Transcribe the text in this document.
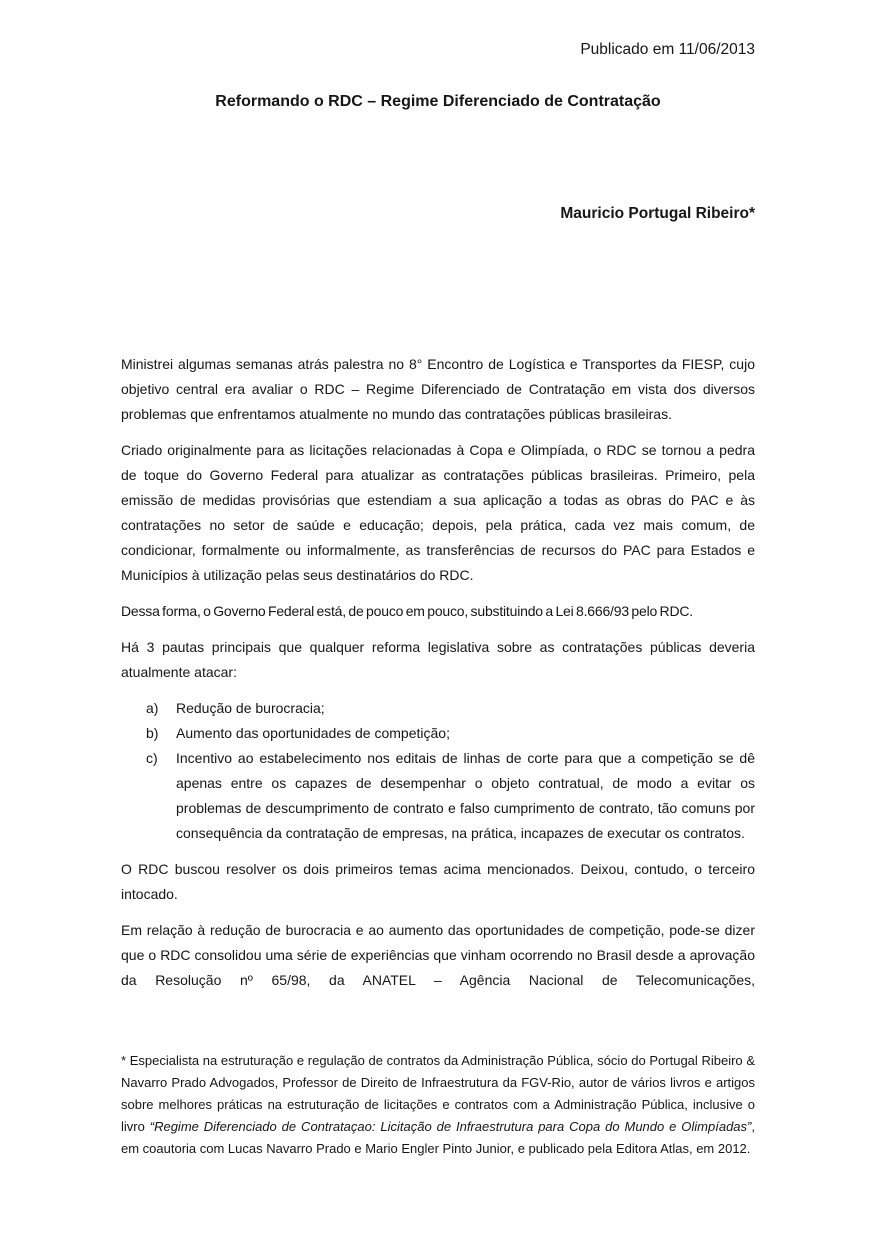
Publicado em 11/06/2013
Reformando o RDC – Regime Diferenciado de Contratação
Mauricio Portugal Ribeiro*

Ministrei algumas semanas atrás palestra no 8° Encontro de Logística e Transportes da FIESP, cujo objetivo central era avaliar o RDC – Regime Diferenciado de Contratação em vista dos diversos problemas que enfrentamos atualmente no mundo das contratações públicas brasileiras.

Criado originalmente para as licitações relacionadas à Copa e Olimpíada, o RDC se tornou a pedra de toque do Governo Federal para atualizar as contratações públicas brasileiras. Primeiro, pela emissão de medidas provisórias que estendiam a sua aplicação a todas as obras do PAC e às contratações no setor de saúde e educação; depois, pela prática, cada vez mais comum, de condicionar, formalmente ou informalmente, as transferências de recursos do PAC para Estados e Municípios à utilização pelas seus destinatários do RDC.

Dessa forma, o Governo Federal está, de pouco em pouco, substituindo a Lei 8.666/93 pelo RDC.

Há 3 pautas principais que qualquer reforma legislativa sobre as contratações públicas deveria atualmente atacar:

a)	Redução de burocracia;
b)	Aumento das oportunidades de competição;
c)	Incentivo ao estabelecimento nos editais de linhas de corte para que a competição se dê apenas entre os capazes de desempenhar o objeto contratual, de modo a evitar os problemas de descumprimento de contrato e falso cumprimento de contrato, tão comuns por consequência da contratação de empresas, na prática, incapazes de executar os contratos.

O RDC buscou resolver os dois primeiros temas acima mencionados. Deixou, contudo, o terceiro intocado.

Em relação à redução de burocracia e ao aumento das oportunidades de competição, pode-se dizer que o RDC consolidou uma série de experiências que vinham ocorrendo no Brasil desde a aprovação da Resolução nº 65/98, da ANATEL – Agência Nacional de Telecomunicações,

* Especialista na estruturação e regulação de contratos da Administração Pública, sócio do Portugal Ribeiro & Navarro Prado Advogados, Professor de Direito de Infraestrutura da FGV-Rio, autor de vários livros e artigos sobre melhores práticas na estruturação de licitações e contratos com a Administração Pública, inclusive o livro “Regime Diferenciado de Contrataçao: Licitação de Infraestrutura para Copa do Mundo e Olimpíadas”, em coautoria com Lucas Navarro Prado e Mario Engler Pinto Junior, e publicado pela Editora Atlas, em 2012.
